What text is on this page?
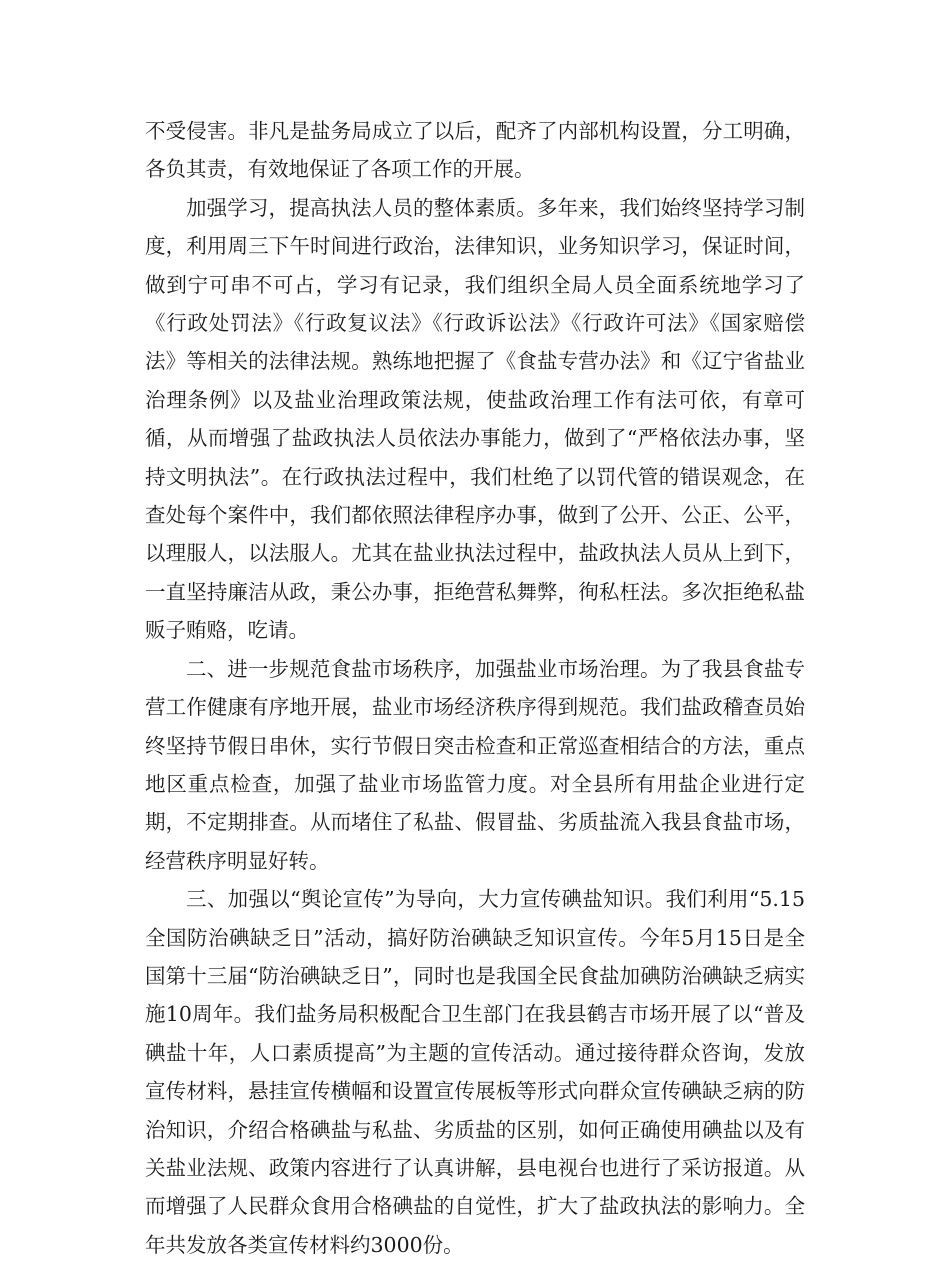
不受侵害。非凡是盐务局成立了以后，配齐了内部机构设置，分工明确，各负其责，有效地保证了各项工作的开展。

加强学习，提高执法人员的整体素质。多年来，我们始终坚持学习制度，利用周三下午时间进行政治，法律知识，业务知识学习，保证时间，做到宁可串不可占，学习有记录，我们组织全局人员全面系统地学习了《行政处罚法》《行政复议法》《行政诉讼法》《行政许可法》《国家赔偿法》等相关的法律法规。熟练地把握了《食盐专营办法》和《辽宁省盐业治理条例》以及盐业治理政策法规，使盐政治理工作有法可依，有章可循，从而增强了盐政执法人员依法办事能力，做到了“严格依法办事，坚持文明执法”。在行政执法过程中，我们杜绝了以罚代管的错误观念，在查处每个案件中，我们都依照法律程序办事，做到了公开、公正、公平，以理服人，以法服人。尤其在盐业执法过程中，盐政执法人员从上到下，一直坚持廉洁从政，秉公办事，拒绝营私舞弊，徇私枉法。多次拒绝私盐贩子贿赂，吃请。

二、进一步规范食盐市场秩序，加强盐业市场治理。为了我县食盐专营工作健康有序地开展，盐业市场经济秩序得到规范。我们盐政稽查员始终坚持节假日串休，实行节假日突击检查和正常巡查相结合的方法，重点地区重点检查，加强了盐业市场监管力度。对全县所有用盐企业进行定期，不定期排查。从而堵住了私盐、假冒盐、劣质盐流入我县食盐市场，经营秩序明显好转。

三、加强以“舆论宣传”为导向，大力宣传碘盐知识。我们利用“5.15全国防治碘缺乏日”活动，搞好防治碘缺乏知识宣传。今年5月15日是全国第十三届“防治碘缺乏日”，同时也是我国全民食盐加碘防治碘缺乏病实施10周年。我们盐务局积极配合卫生部门在我县鹤吉市场开展了以“普及碘盐十年，人口素质提高”为主题的宣传活动。通过接待群众咨询，发放宣传材料，悬挂宣传横幅和设置宣传展板等形式向群众宣传碘缺乏病的防治知识，介绍合格碘盐与私盐、劣质盐的区别，如何正确使用碘盐以及有关盐业法规、政策内容进行了认真讲解，县电视台也进行了采访报道。从而增强了人民群众食用合格碘盐的自觉性，扩大了盐政执法的影响力。全年共发放各类宣传材料约3000份。
